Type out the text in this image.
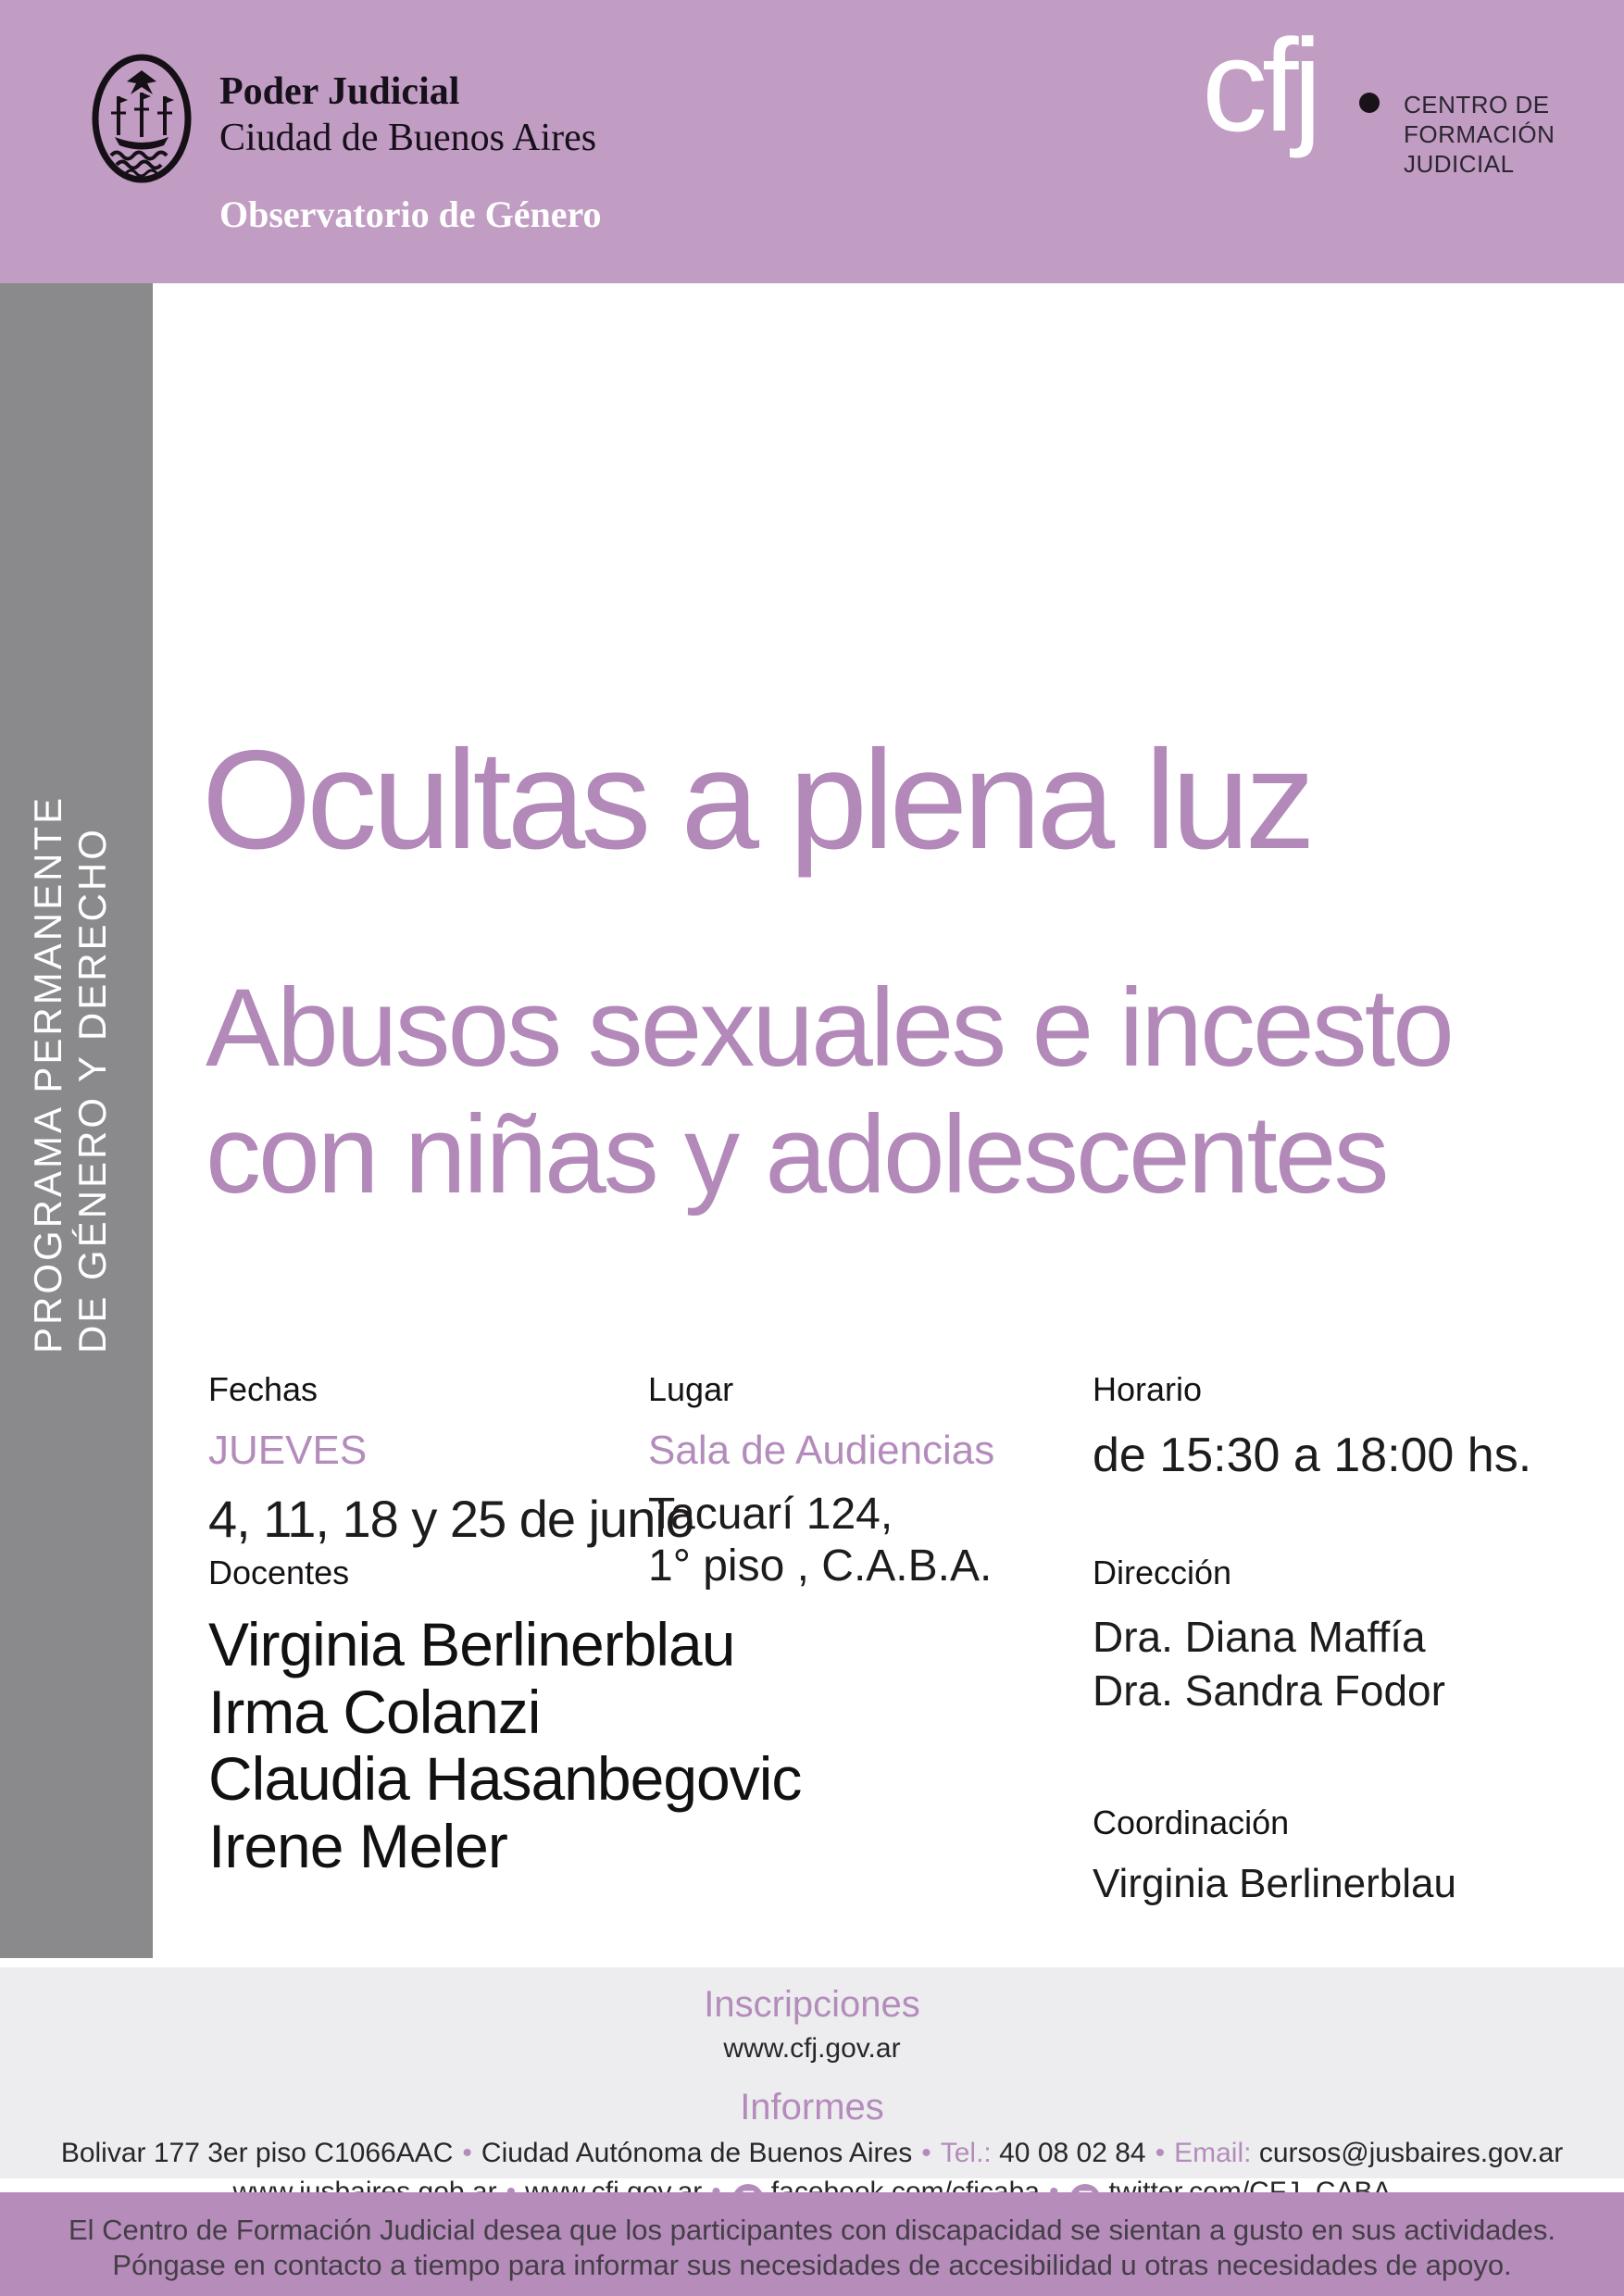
Poder Judicial
Ciudad de Buenos Aires
Observatorio de Género
cfj	CENTRO DE
FORMACIÓN
JUDICIAL
PROGRAMA PERMANENTE DE GÉNERO Y DERECHO
Ocultas a plena luz
Abusos sexuales e incesto
con niñas y adolescentes
Fechas
JUEVES
4, 11, 18 y 25 de junio
Lugar
Sala de Audiencias
Tacuarí 124,
1° piso , C.A.B.A.
Horario
de 15:30 a 18:00 hs.
Docentes
Virginia Berlinerblau
Irma Colanzi
Claudia Hasanbegovic
Irene Meler
Dirección
Dra. Diana Maffía
Dra. Sandra Fodor
Coordinación
Virginia Berlinerblau
Inscripciones
www.cfj.gov.ar
Informes
Bolivar 177 3er piso C1066AAC • Ciudad Autónoma de Buenos Aires • Tel.: 40 08 02 84 • Email: cursos@jusbaires.gov.ar
El Centro de Formación Judicial desea que los participantes con discapacidad se sientan a gusto en sus actividades.
Póngase en contacto a tiempo para informar sus necesidades de accesibilidad u otras necesidades de apoyo.
